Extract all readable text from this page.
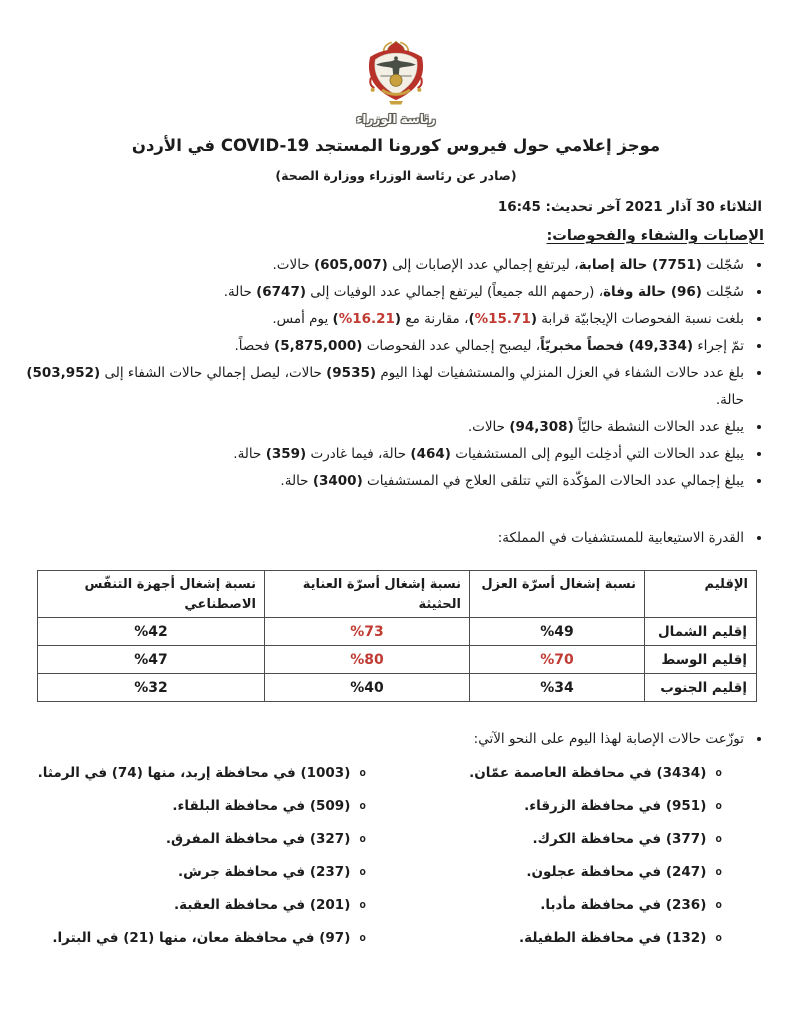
رئاسة الوزراء
موجز إعلامي حول فيروس كورونا المستجد COVID-19 في الأردن
(صادر عن رئاسة الوزراء ووزارة الصحة)
الثلاثاء 30 آذار 2021 آخر تحديث: 16:45
الإصابات والشفاء والفحوصات:
• سُجّلت (7751) حالة إصابة، ليرتفع إجمالي عدد الإصابات إلى (605,007) حالات.
• سُجّلت (96) حالة وفاة، (رحمهم الله جميعاً) ليرتفع إجمالي عدد الوفيات إلى (6747) حالة.
• بلغت نسبة الفحوصات الإيجابيّة قرابة (%15.71)، مقارنة مع (%16.21) يوم أمس.
• تمّ إجراء (49,334) فحصاً مخبريّاً، ليصبح إجمالي عدد الفحوصات (5,875,000) فحصاً.
• بلغ عدد حالات الشفاء في العزل المنزلي والمستشفيات لهذا اليوم (9535) حالات، ليصل إجمالي حالات الشفاء إلى (503,952) حالة.
• يبلغ عدد الحالات النشطة حاليّاً (94,308) حالات.
• يبلغ عدد الحالات التي أدخِلت اليوم إلى المستشفيات (464) حالة، فيما غادرت (359) حالة.
• يبلغ إجمالي عدد الحالات المؤكّدة التي تتلقى العلاج في المستشفيات (3400) حالة.
• القدرة الاستيعابية للمستشفيات في المملكة:
الإقليم	نسبة إشغال أسرّة العزل	نسبة إشغال أسرّة العناية الحثيثة	نسبة إشغال أجهزة التنفّس الاصطناعي
إقليم الشمال	%49	%73	%42
إقليم الوسط	%70	%80	%47
إقليم الجنوب	%34	%40	%32
• توزّعت حالات الإصابة لهذا اليوم على النحو الآتي:
o(3434) في محافظة العاصمة عمّان.
o(951) في محافظة الزرقاء.
o(377) في محافظة الكرك.
o(247) في محافظة عجلون.
o(236) في محافظة مأدبا.
o(132) في محافظة الطفيلة.
o(1003) في محافظة إربد، منها (74) في الرمثا.
o(509) في محافظة البلقاء.
o(327) في محافظة المفرق.
o(237) في محافظة جرش.
o(201) في محافظة العقبة.
o(97) في محافظة معان، منها (21) في البترا.
